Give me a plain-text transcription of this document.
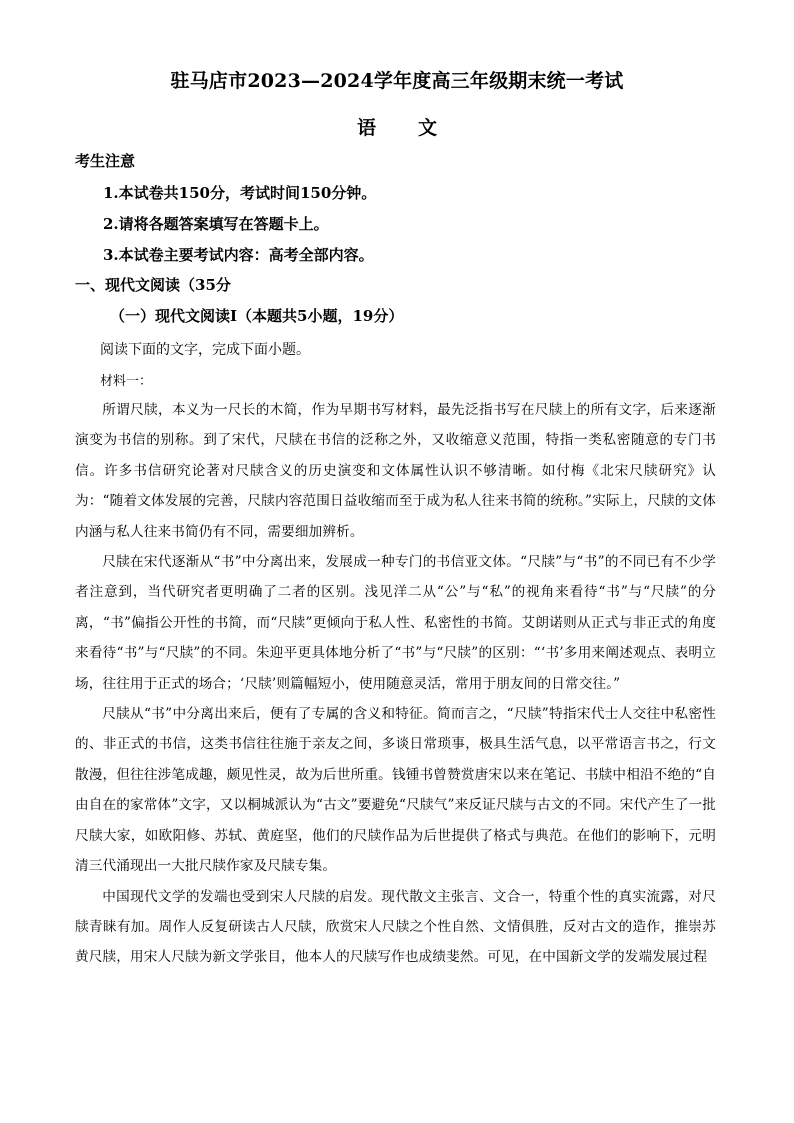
驻马店市2023—2024学年度高三年级期末统一考试
语 文
考生注意
1.本试卷共150分，考试时间150分钟。
2.请将各题答案填写在答题卡上。
3.本试卷主要考试内容：高考全部内容。
一、现代文阅读（35分
（一）现代文阅读Ⅰ（本题共5小题，19分）
阅读下面的文字，完成下面小题。
材料一：

所谓尺牍，本义为一尺长的木简，作为早期书写材料，最先泛指书写在尺牍上的所有文字，后来逐渐演变为书信的别称。到了宋代，尺牍在书信的泛称之外，又收缩意义范围，特指一类私密随意的专门书信。许多书信研究论著对尺牍含义的历史演变和文体属性认识不够清晰。如付梅《北宋尺牍研究》认为：“随着文体发展的完善，尺牍内容范围日益收缩而至于成为私人往来书简的统称。”实际上，尺牍的文体内涵与私人往来书简仍有不同，需要细加辨析。

尺牍在宋代逐渐从“书”中分离出来，发展成一种专门的书信亚文体。“尺牍”与“书”的不同已有不少学者注意到，当代研究者更明确了二者的区别。浅见洋二从“公”与“私”的视角来看待“书”与“尺牍”的分离，“书”偏指公开性的书简，而“尺牍”更倾向于私人性、私密性的书简。艾朗诺则从正式与非正式的角度来看待“书”与“尺牍”的不同。朱迎平更具体地分析了“书”与“尺牍”的区别：“‘书’多用来阐述观点、表明立场，往往用于正式的场合；‘尺牍’则篇幅短小，使用随意灵活，常用于朋友间的日常交往。”

尺牍从“书”中分离出来后，便有了专属的含义和特征。简而言之，“尺牍”特指宋代士人交往中私密性的、非正式的书信，这类书信往往施于亲友之间，多谈日常琐事，极具生活气息，以平常语言书之，行文散漫，但往往涉笔成趣，颇见性灵，故为后世所重。钱锺书曾赞赏唐宋以来在笔记、书牍中相沿不绝的“自由自在的家常体”文字，又以桐城派认为“古文”要避免“尺牍气”来反证尺牍与古文的不同。宋代产生了一批尺牍大家，如欧阳修、苏轼、黄庭坚，他们的尺牍作品为后世提供了格式与典范。在他们的影响下，元明清三代涌现出一大批尺牍作家及尺牍专集。

中国现代文学的发端也受到宋人尺牍的启发。现代散文主张言、文合一，特重个性的真实流露，对尺牍青睐有加。周作人反复研读古人尺牍，欣赏宋人尺牍之个性自然、文情俱胜，反对古文的造作，推崇苏黄尺牍，用宋人尺牍为新文学张目，他本人的尺牍写作也成绩斐然。可见，在中国新文学的发端发展过程
